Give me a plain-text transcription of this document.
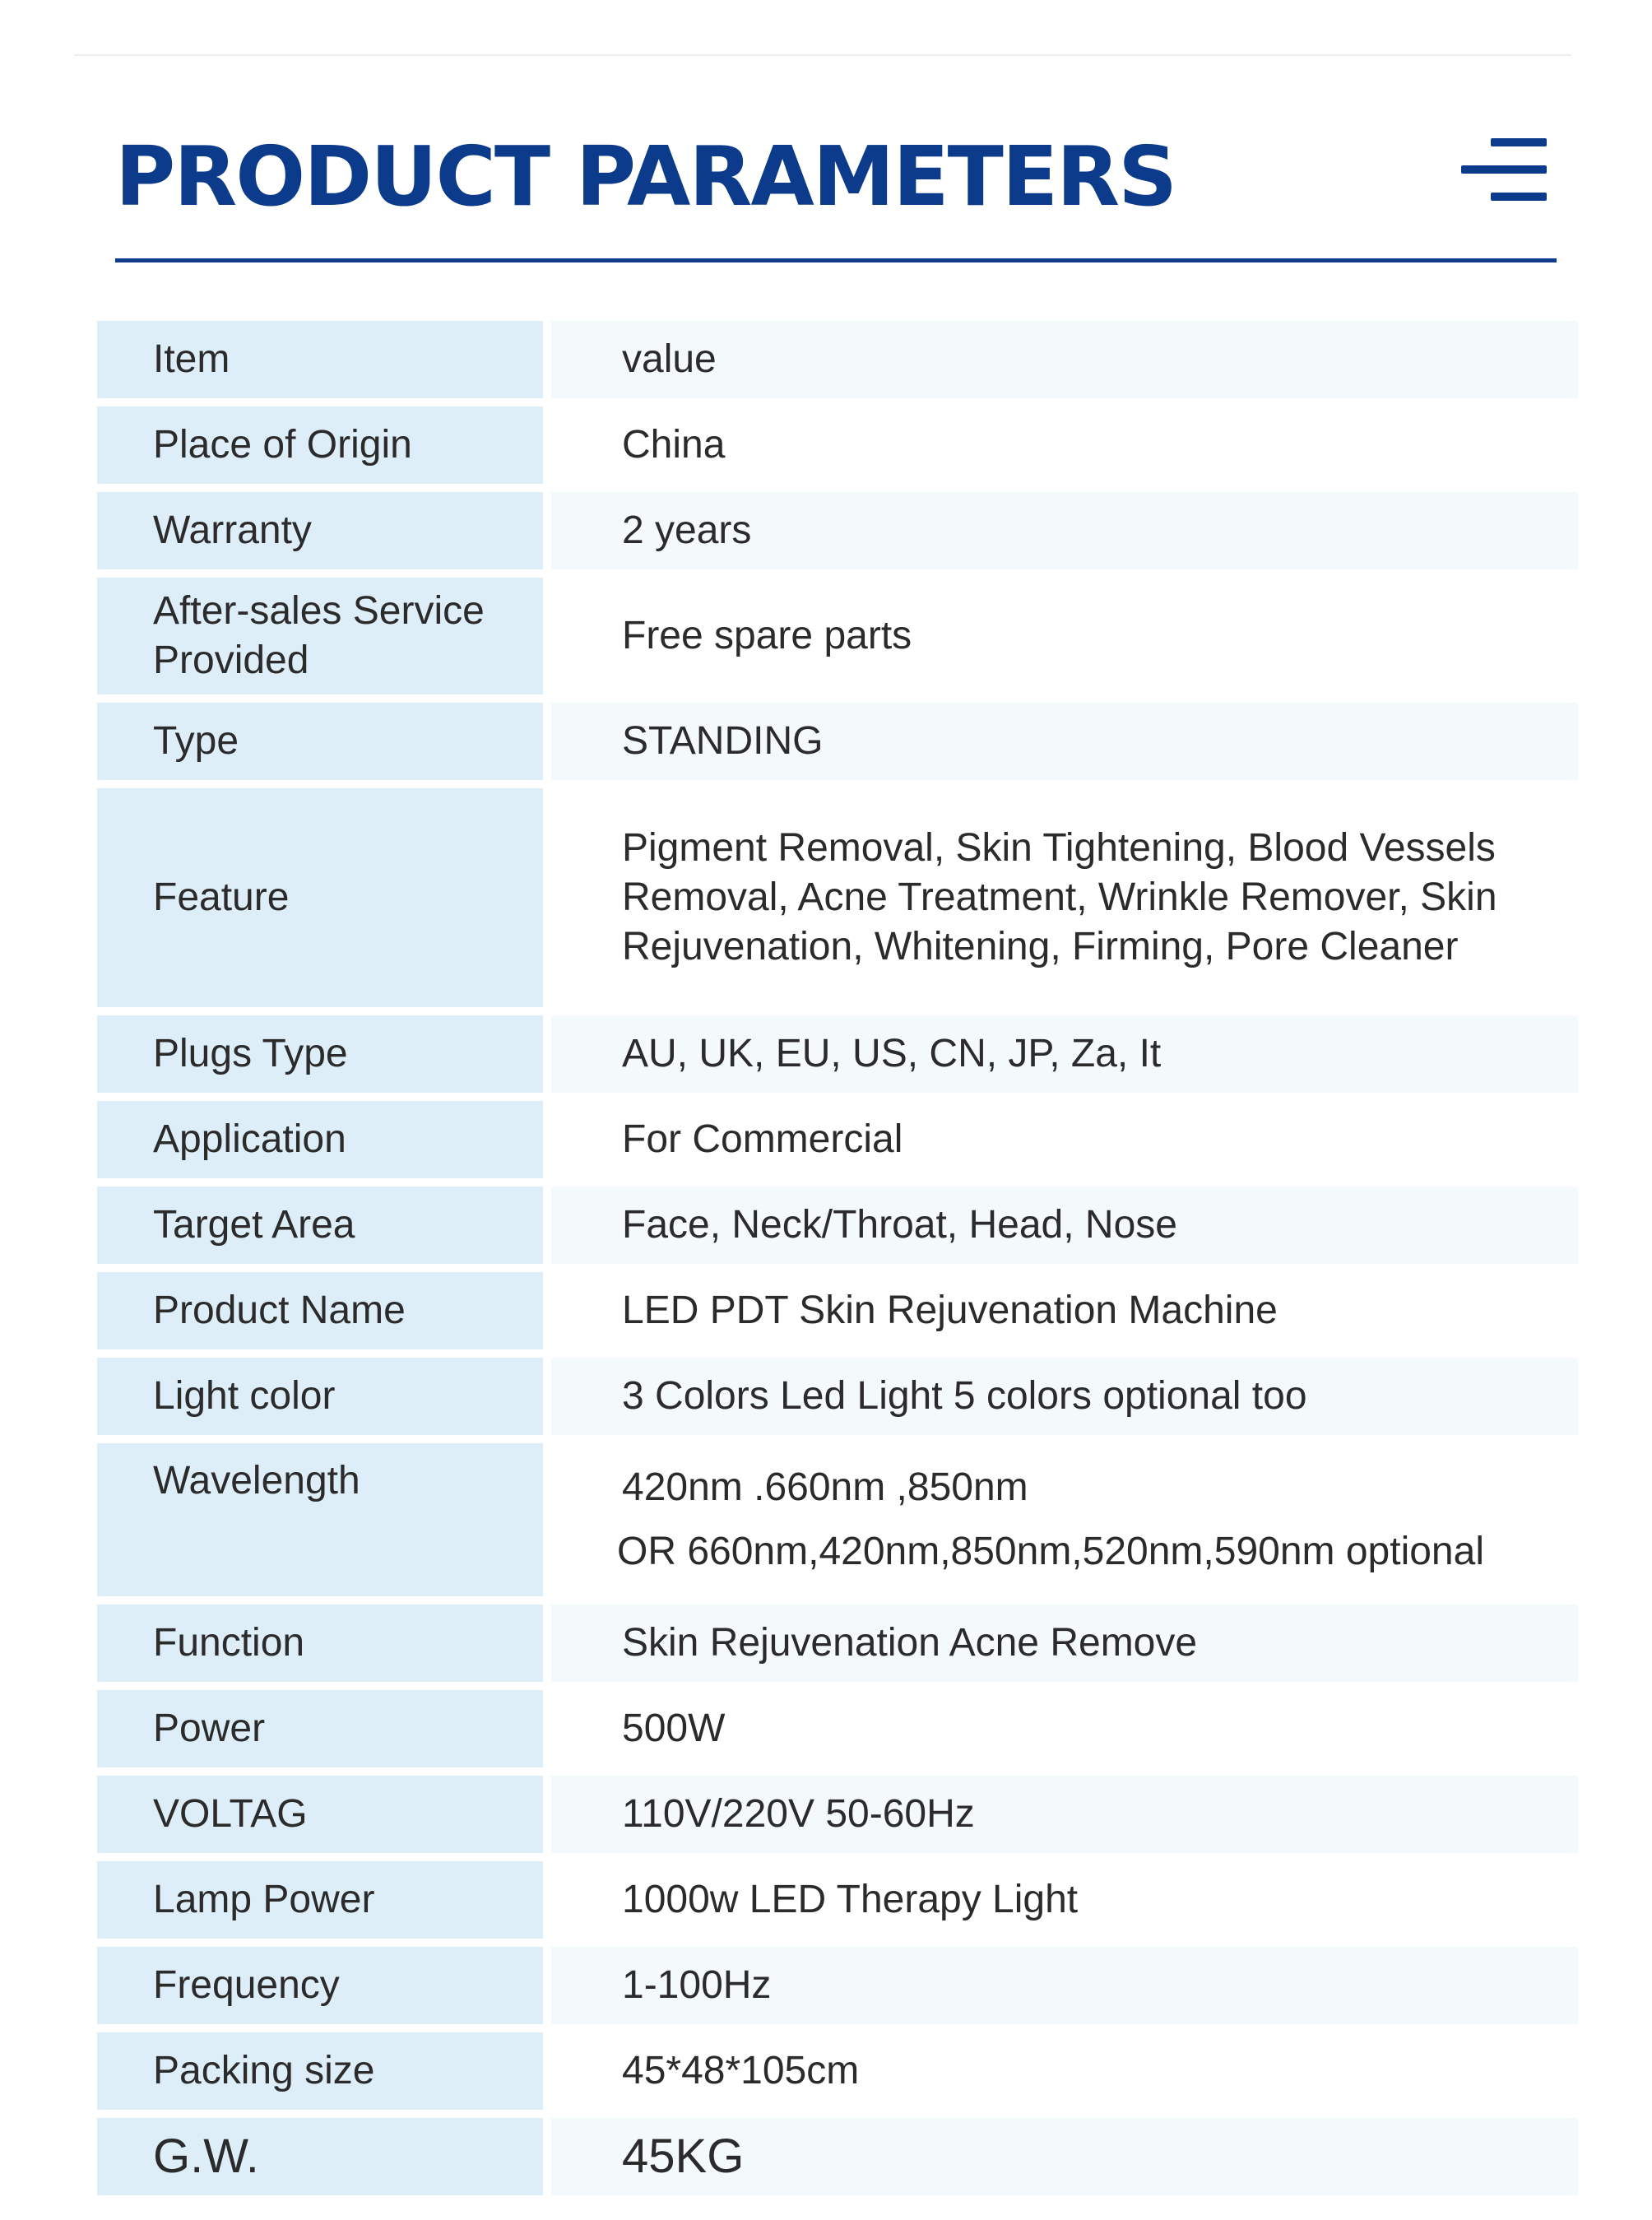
PRODUCT PARAMETERS
Item	value
Place of Origin	China
Warranty	2 years
After-sales Service Provided	Free spare parts
Type	STANDING
Feature	Pigment Removal, Skin Tightening, Blood Vessels Removal, Acne Treatment, Wrinkle Remover, Skin Rejuvenation, Whitening, Firming, Pore Cleaner
Plugs Type	AU, UK, EU, US, CN, JP, Za, It
Application	For Commercial
Target Area	Face, Neck/Throat, Head, Nose
Product Name	LED PDT Skin Rejuvenation Machine
Light color	3 Colors Led Light 5 colors optional too
Wavelength	420nm .660nm ,850nm
OR 660nm,420nm,850nm,520nm,590nm optional

Function	Skin Rejuvenation Acne Remove
Power	500W
VOLTAG	110V/220V 50-60Hz
Lamp Power	1000w LED Therapy Light
Frequency	1-100Hz
Packing size	45*48*105cm
G.W.	45KG
